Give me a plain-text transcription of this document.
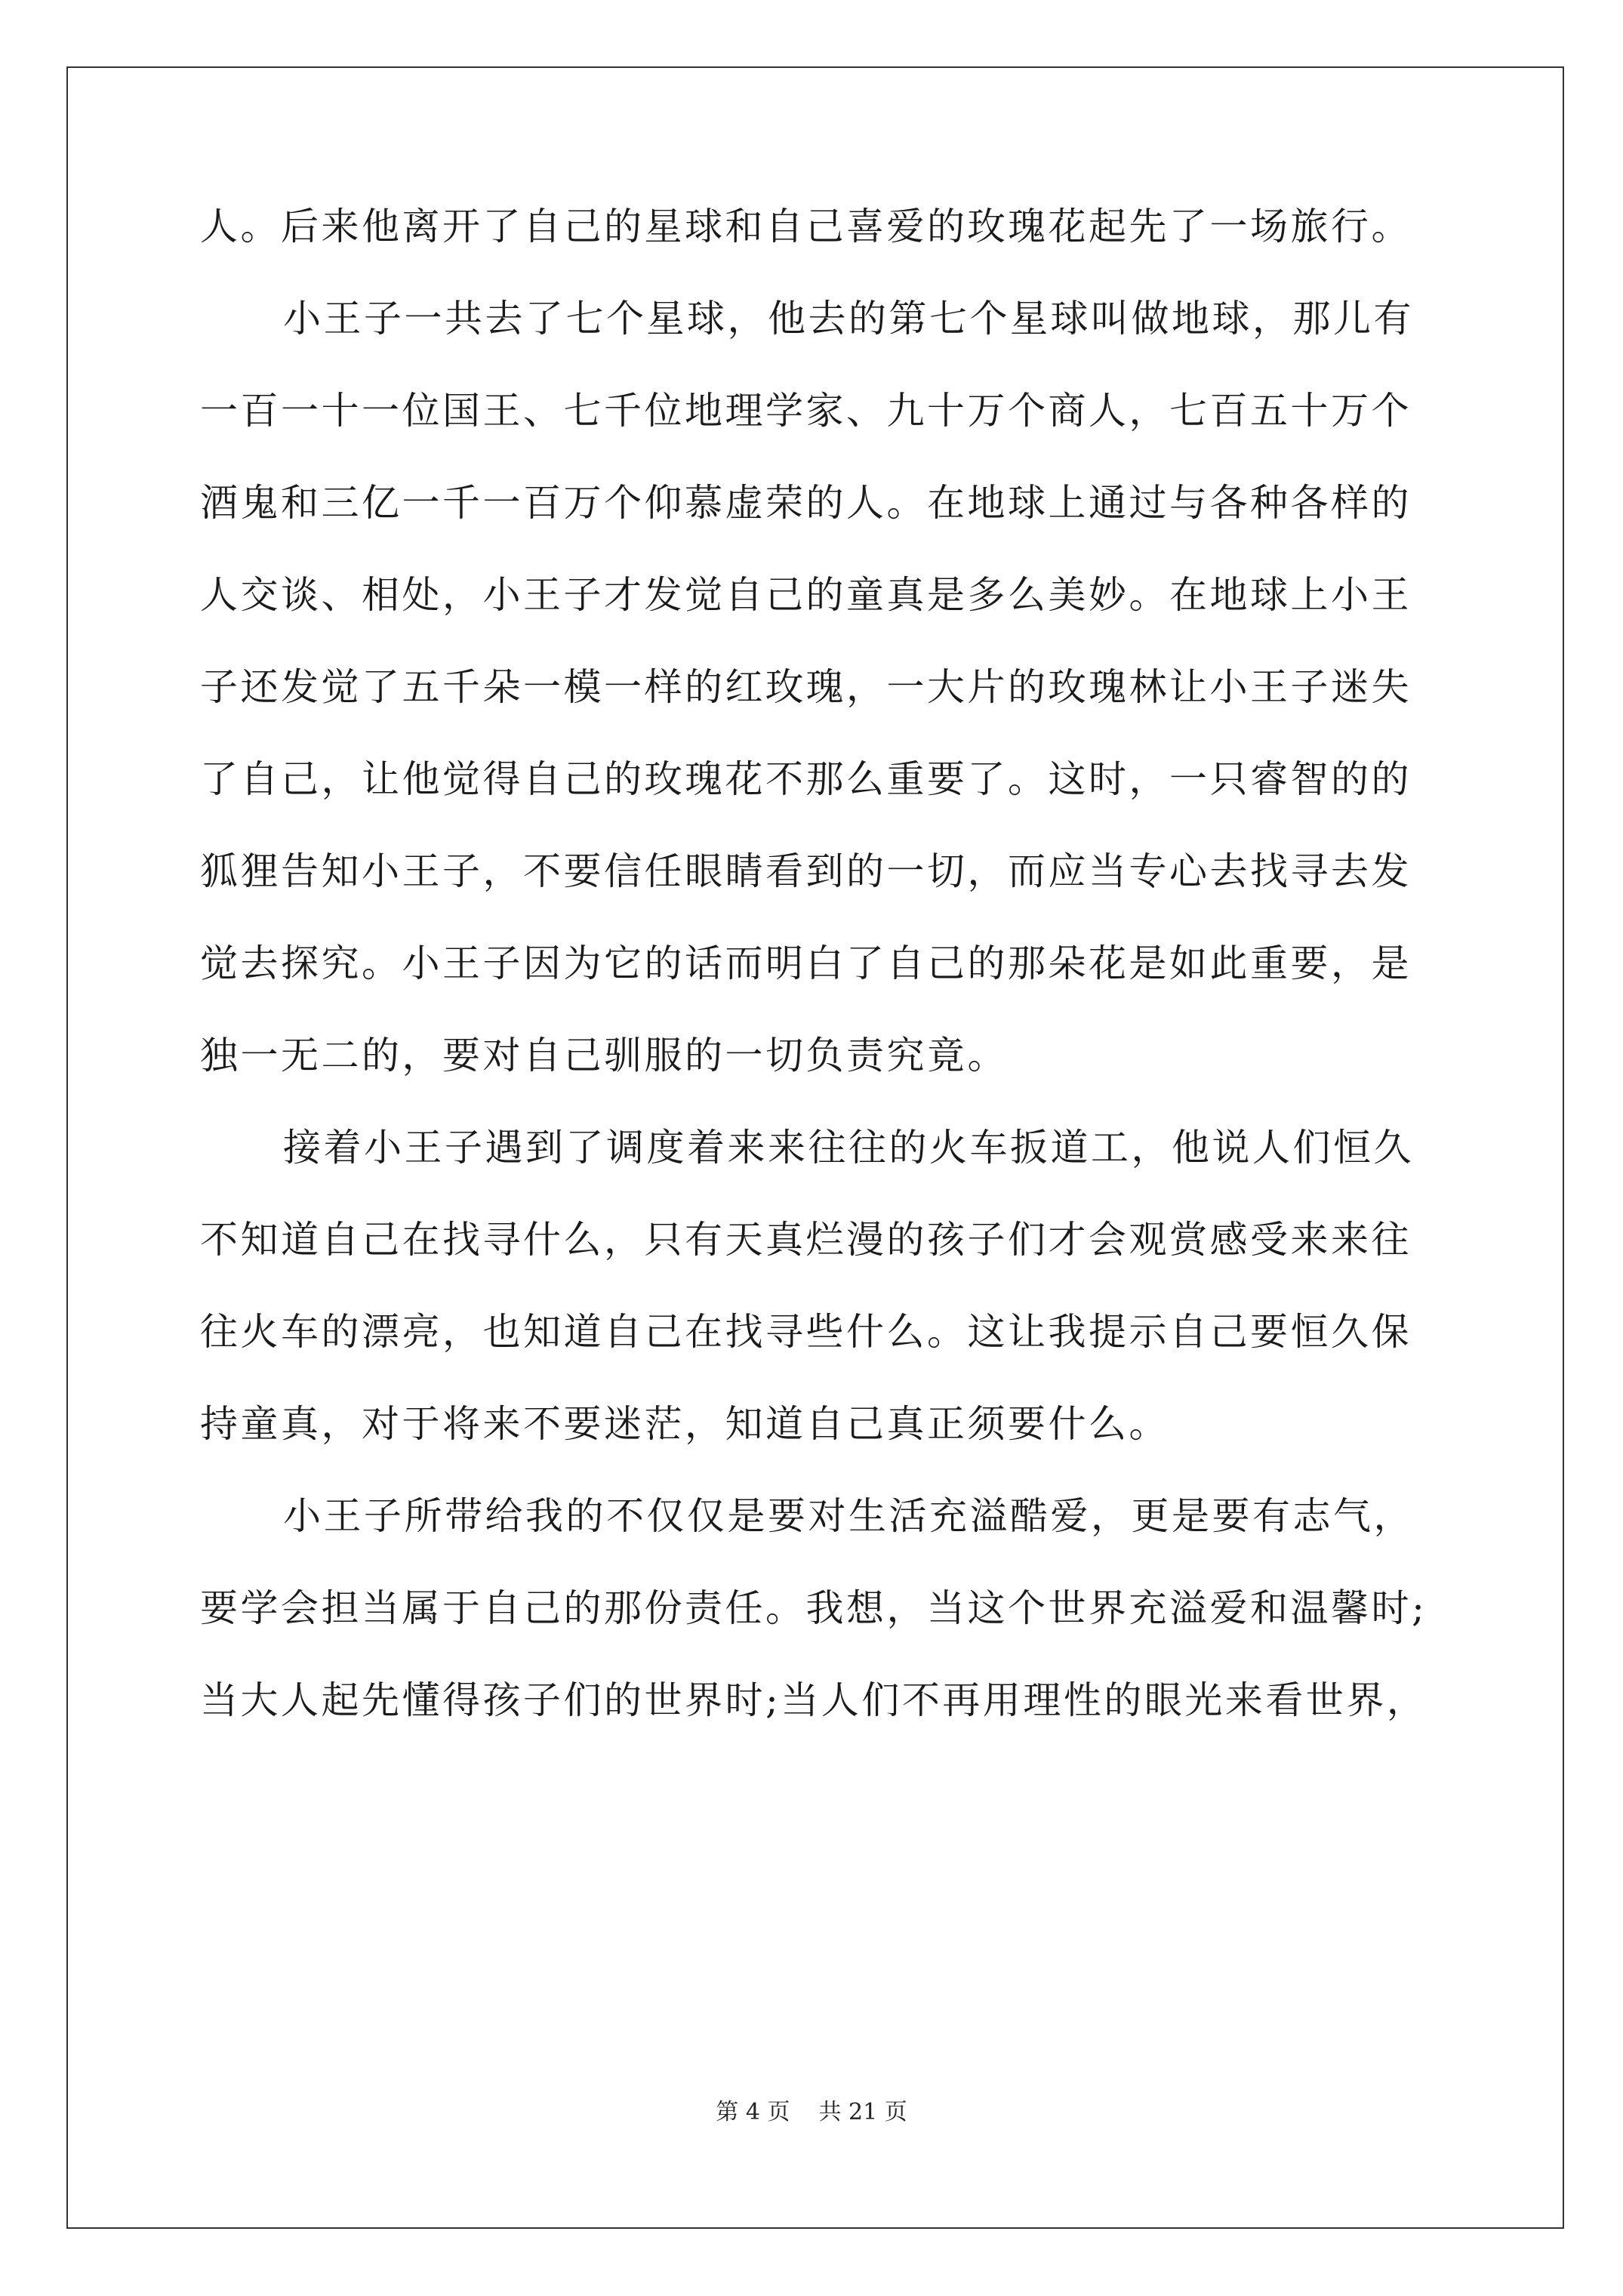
人。后来他离开了自己的星球和自己喜爱的玫瑰花起先了一场旅行。
小王子一共去了七个星球，他去的第七个星球叫做地球，那儿有
一百一十一位国王、七千位地理学家、九十万个商人，七百五十万个
酒鬼和三亿一千一百万个仰慕虚荣的人。在地球上通过与各种各样的
人交谈、相处，小王子才发觉自己的童真是多么美妙。在地球上小王
子还发觉了五千朵一模一样的红玫瑰，一大片的玫瑰林让小王子迷失
了自己，让他觉得自己的玫瑰花不那么重要了。这时，一只睿智的的
狐狸告知小王子，不要信任眼睛看到的一切，而应当专心去找寻去发
觉去探究。小王子因为它的话而明白了自己的那朵花是如此重要，是
独一无二的，要对自己驯服的一切负责究竟。
接着小王子遇到了调度着来来往往的火车扳道工，他说人们恒久
不知道自己在找寻什么，只有天真烂漫的孩子们才会观赏感受来来往
往火车的漂亮，也知道自己在找寻些什么。这让我提示自己要恒久保
持童真，对于将来不要迷茫，知道自己真正须要什么。
小王子所带给我的不仅仅是要对生活充溢酷爱，更是要有志气，
要学会担当属于自己的那份责任。我想，当这个世界充溢爱和温馨时;
当大人起先懂得孩子们的世界时;当人们不再用理性的眼光来看世界，
第 4 页 共 21 页
